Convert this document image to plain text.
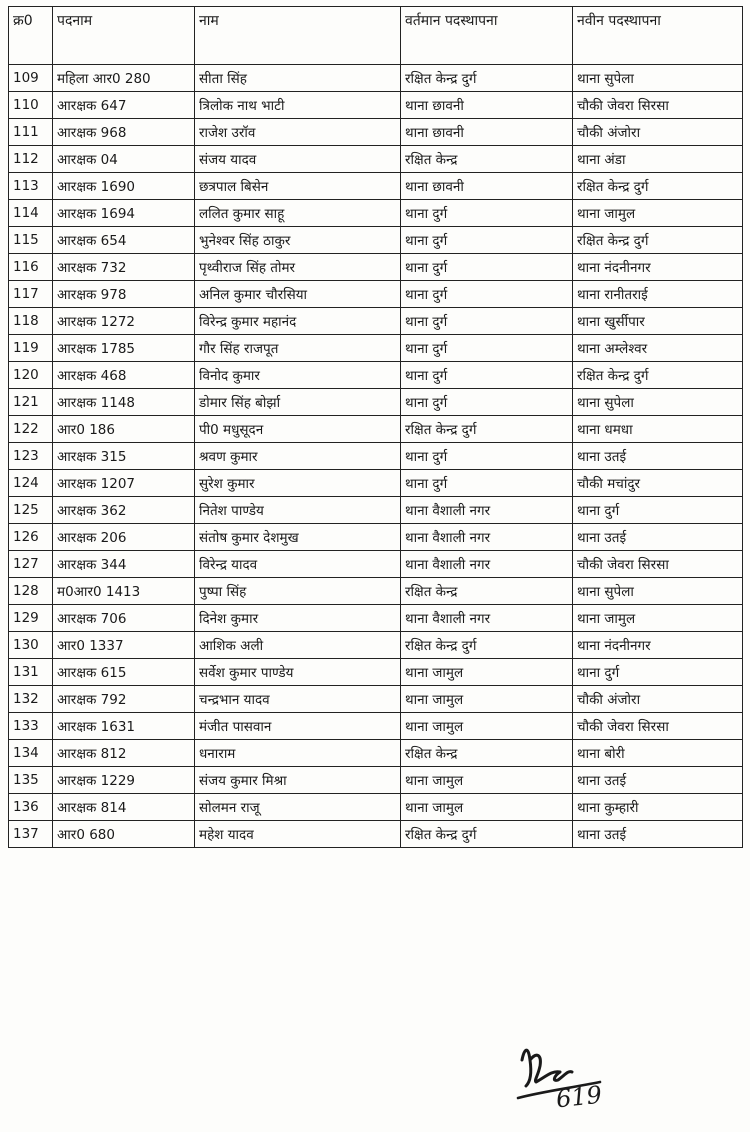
क्र0	पदनाम	नाम	वर्तमान पदस्थापना	नवीन पदस्थापना
109	महिला आर0 280	सीता सिंह	रक्षित केन्द्र दुर्ग	थाना सुपेला
110	आरक्षक 647	त्रिलोक नाथ भाटी	थाना छावनी	चौकी जेवरा सिरसा
111	आरक्षक 968	राजेश उरॉव	थाना छावनी	चौकी अंजोरा
112	आरक्षक 04	संजय यादव	रक्षित केन्द्र	थाना अंडा
113	आरक्षक 1690	छत्रपाल बिसेन	थाना छावनी	रक्षित केन्द्र दुर्ग
114	आरक्षक 1694	ललित कुमार साहू	थाना दुर्ग	थाना जामुल
115	आरक्षक 654	भुनेश्वर सिंह ठाकुर	थाना दुर्ग	रक्षित केन्द्र दुर्ग
116	आरक्षक 732	पृथ्वीराज सिंह तोमर	थाना दुर्ग	थाना नंदनीनगर
117	आरक्षक 978	अनिल कुमार चौरसिया	थाना दुर्ग	थाना रानीतराई
118	आरक्षक 1272	विरेन्द्र कुमार महानंद	थाना दुर्ग	थाना खुर्सीपार
119	आरक्षक 1785	गौर सिंह राजपूत	थाना दुर्ग	थाना अम्लेश्वर
120	आरक्षक 468	विनोद कुमार	थाना दुर्ग	रक्षित केन्द्र दुर्ग
121	आरक्षक 1148	डोमार सिंह बोर्झा	थाना दुर्ग	थाना सुपेला
122	आर0 186	पी0 मधुसूदन	रक्षित केन्द्र दुर्ग	थाना धमधा
123	आरक्षक 315	श्रवण कुमार	थाना दुर्ग	थाना उतई
124	आरक्षक 1207	सुरेश कुमार	थाना दुर्ग	चौकी मचांदुर
125	आरक्षक 362	नितेश पाण्डेय	थाना वैशाली नगर	थाना दुर्ग
126	आरक्षक 206	संतोष कुमार देशमुख	थाना वैशाली नगर	थाना उतई
127	आरक्षक 344	विरेन्द्र यादव	थाना वैशाली नगर	चौकी जेवरा सिरसा
128	म0आर0 1413	पुष्पा सिंह	रक्षित केन्द्र	थाना सुपेला
129	आरक्षक 706	दिनेश कुमार	थाना वैशाली नगर	थाना जामुल
130	आर0 1337	आशिक अली	रक्षित केन्द्र दुर्ग	थाना नंदनीनगर
131	आरक्षक 615	सर्वेश कुमार पाण्डेय	थाना जामुल	थाना दुर्ग
132	आरक्षक 792	चन्द्रभान यादव	थाना जामुल	चौकी अंजोरा
133	आरक्षक 1631	मंजीत पासवान	थाना जामुल	चौकी जेवरा सिरसा
134	आरक्षक 812	धनाराम	रक्षित केन्द्र	थाना बोरी
135	आरक्षक 1229	संजय कुमार मिश्रा	थाना जामुल	थाना उतई
136	आरक्षक 814	सोलमन राजू	थाना जामुल	थाना कुम्हारी
137	आर0 680	महेश यादव	रक्षित केन्द्र दुर्ग	थाना उतई
619
